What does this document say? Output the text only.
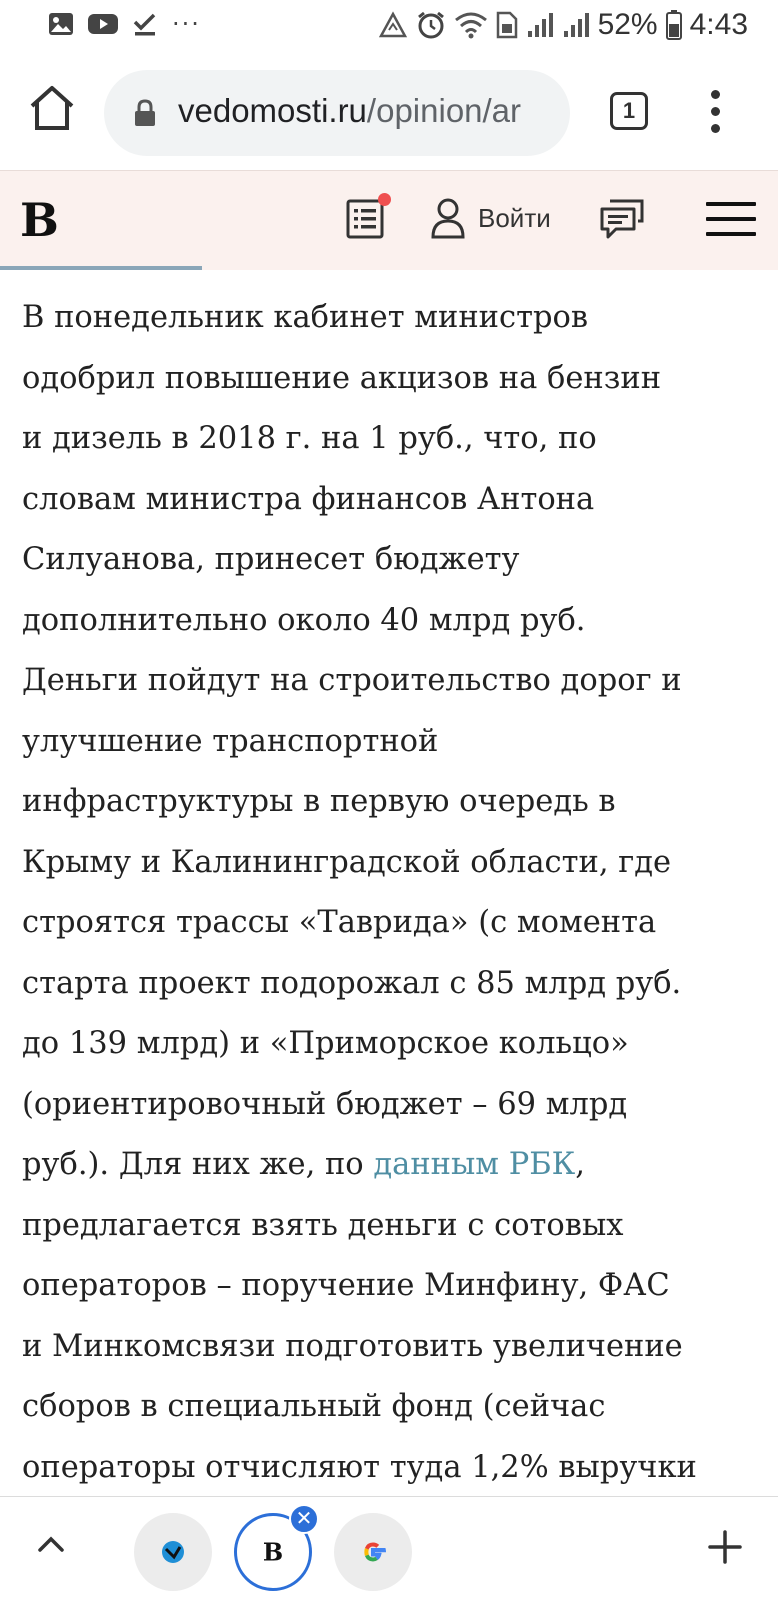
···	52% 4:43
vedomosti.ru/opinion/ar	1
В	Войти
В понедельник кабинет министров
одобрил повышение акцизов на бензин
и дизель в 2018 г. на 1 руб., что, по
словам министра финансов Антона
Силуанова, принесет бюджету
дополнительно около 40 млрд руб.
Деньги пойдут на строительство дорог и
улучшение транспортной
инфраструктуры в первую очередь в
Крыму и Калининградской области, где
строятся трассы «Таврида» (с момента
старта проект подорожал с 85 млрд руб.
до 139 млрд) и «Приморское кольцо»
(ориентировочный бюджет – 69 млрд
руб.). Для них же, по данным РБК,
предлагается взять деньги с сотовых
операторов – поручение Минфину, ФАС
и Минкомсвязи подготовить увеличение
сборов в специальный фонд (сейчас
операторы отчисляют туда 1,2% выручки
B
✕
